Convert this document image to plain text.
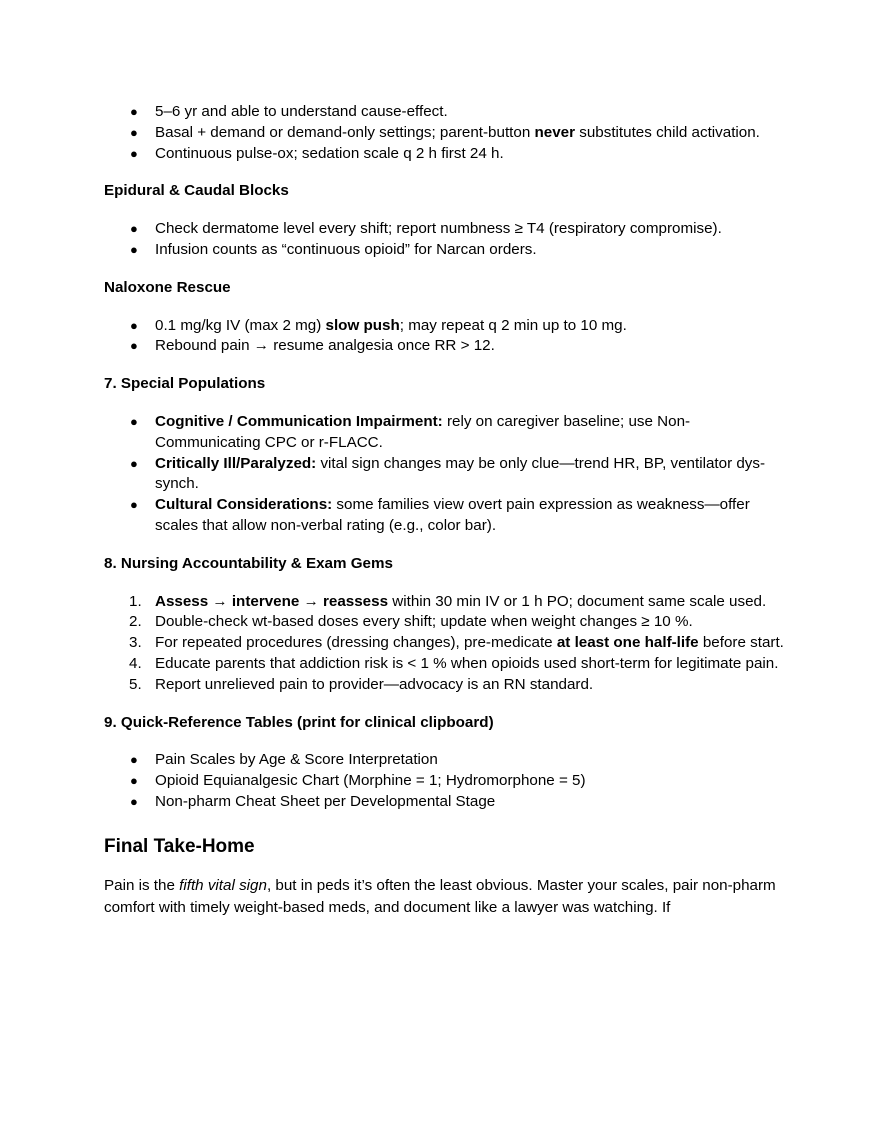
● 5–6 yr and able to understand cause-effect.
● Basal + demand or demand-only settings; parent-button never substitutes child activation.
● Continuous pulse-ox; sedation scale q 2 h first 24 h.

Epidural & Caudal Blocks

● Check dermatome level every shift; report numbness ≥ T4 (respiratory compromise).
● Infusion counts as “continuous opioid” for Narcan orders.

Naloxone Rescue

● 0.1 mg/kg IV (max 2 mg) slow push; may repeat q 2 min up to 10 mg.
● Rebound pain → resume analgesia once RR > 12.

7. Special Populations

● Cognitive / Communication Impairment: rely on caregiver baseline; use Non-Communicating CPC or r-FLACC.
● Critically Ill/Paralyzed: vital sign changes may be only clue—trend HR, BP, ventilator dys-synch.
● Cultural Considerations: some families view overt pain expression as weakness—offer scales that allow non-verbal rating (e.g., color bar).

8. Nursing Accountability & Exam Gems

1. Assess → intervene → reassess within 30 min IV or 1 h PO; document same scale used.
2. Double-check wt-based doses every shift; update when weight changes ≥ 10 %.
3. For repeated procedures (dressing changes), pre-medicate at least one half-life before start.
4. Educate parents that addiction risk is < 1 % when opioids used short-term for legitimate pain.
5. Report unrelieved pain to provider—advocacy is an RN standard.

9. Quick-Reference Tables (print for clinical clipboard)

● Pain Scales by Age & Score Interpretation
● Opioid Equianalgesic Chart (Morphine = 1; Hydromorphone = 5)
● Non-pharm Cheat Sheet per Developmental Stage
Final Take-Home

Pain is the fifth vital sign, but in peds it’s often the least obvious. Master your scales, pair non-pharm comfort with timely weight-based meds, and document like a lawyer was watching. If
